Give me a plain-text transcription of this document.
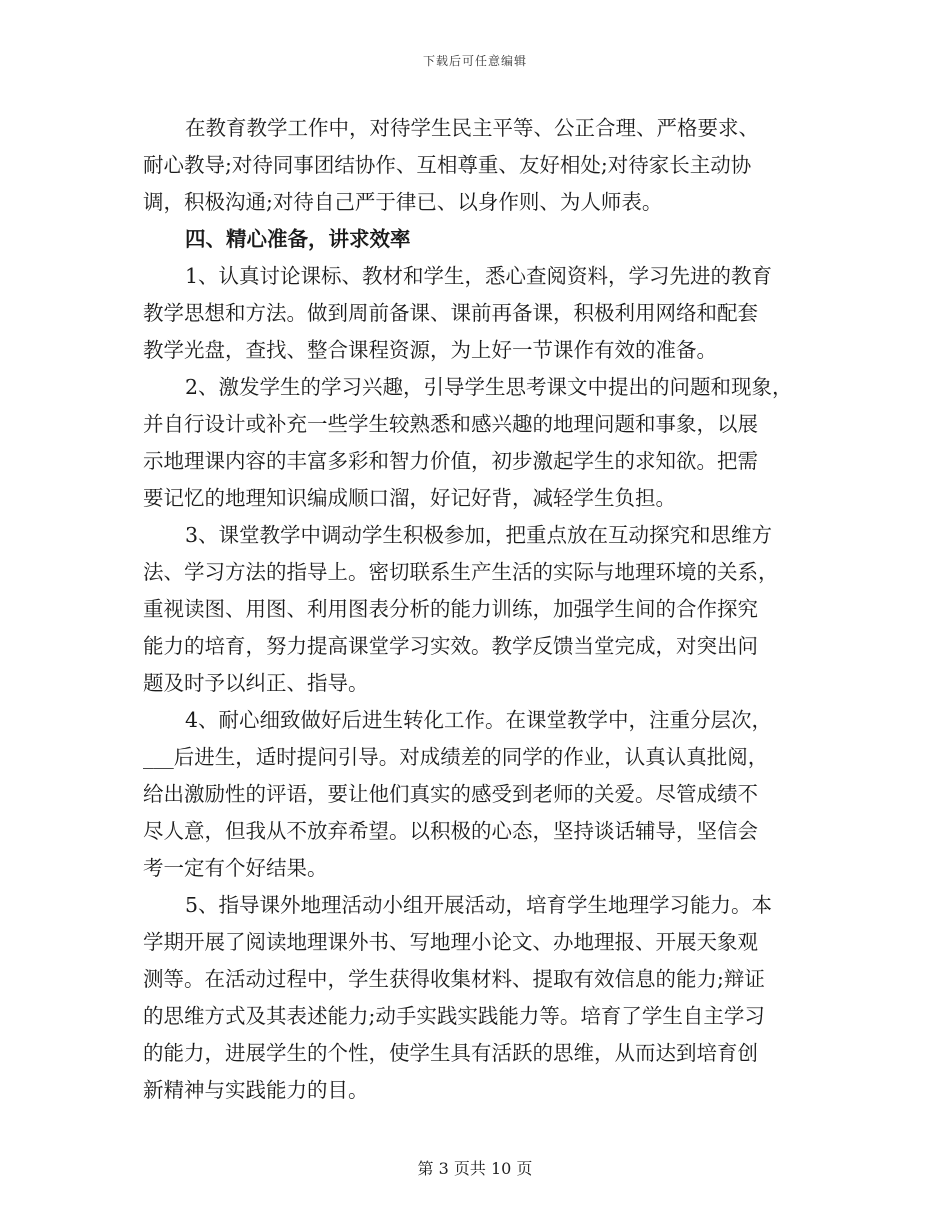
下载后可任意编辑
在教育教学工作中，对待学生民主平等、公正合理、严格要求、
耐心教导;对待同事团结协作、互相尊重、友好相处;对待家长主动协
调，积极沟通;对待自己严于律已、以身作则、为人师表。
四、精心准备，讲求效率
1、认真讨论课标、教材和学生，悉心查阅资料，学习先进的教育
教学思想和方法。做到周前备课、课前再备课，积极利用网络和配套
教学光盘，查找、整合课程资源，为上好一节课作有效的准备。
2、激发学生的学习兴趣，引导学生思考课文中提出的问题和现象，
并自行设计或补充一些学生较熟悉和感兴趣的地理问题和事象，以展
示地理课内容的丰富多彩和智力价值，初步激起学生的求知欲。把需
要记忆的地理知识编成顺口溜，好记好背，减轻学生负担。
3、课堂教学中调动学生积极参加，把重点放在互动探究和思维方
法、学习方法的指导上。密切联系生产生活的实际与地理环境的关系，
重视读图、用图、利用图表分析的能力训练，加强学生间的合作探究
能力的培育，努力提高课堂学习实效。教学反馈当堂完成，对突出问
题及时予以纠正、指导。
4、耐心细致做好后进生转化工作。在课堂教学中，注重分层次，
___后进生，适时提问引导。对成绩差的同学的作业，认真认真批阅，
给出激励性的评语，要让他们真实的感受到老师的关爱。尽管成绩不
尽人意，但我从不放弃希望。以积极的心态，坚持谈话辅导，坚信会
考一定有个好结果。
5、指导课外地理活动小组开展活动，培育学生地理学习能力。本
学期开展了阅读地理课外书、写地理小论文、办地理报、开展天象观
测等。在活动过程中，学生获得收集材料、提取有效信息的能力;辩证
的思维方式及其表述能力;动手实践实践能力等。培育了学生自主学习
的能力，进展学生的个性，使学生具有活跃的思维，从而达到培育创
新精神与实践能力的目。
第 3 页共 10 页
